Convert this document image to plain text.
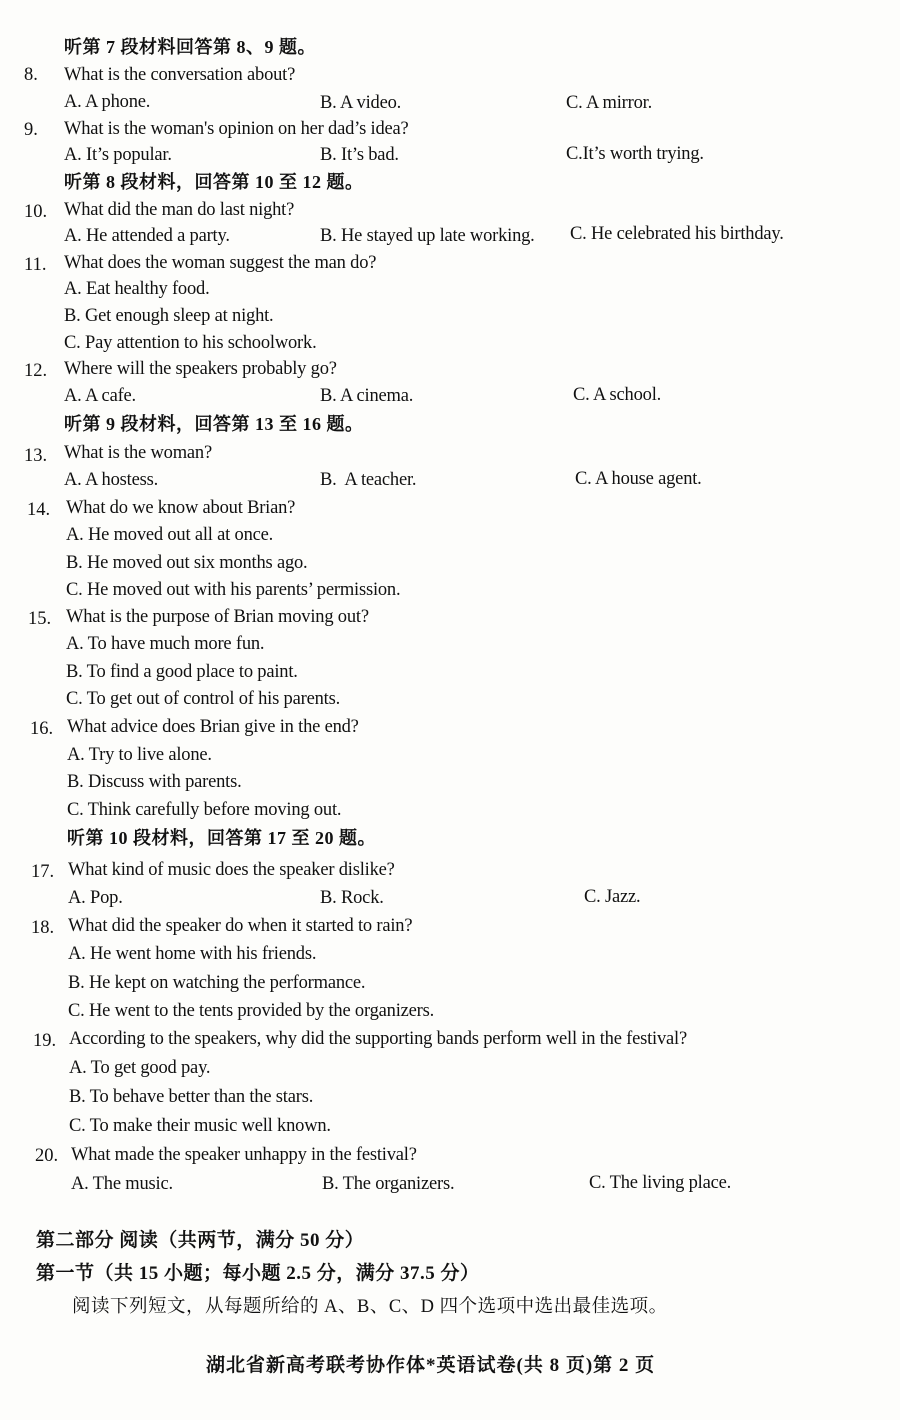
听第 7 段材料回答第 8、9 题。
8. What is the conversation about?
A. A phone.	B. A video.	C. A mirror.
9. What is the woman's opinion on her dad’s idea?
A. It’s popular.	B. It’s bad.	C.It’s worth trying.
听第 8 段材料，回答第 10 至 12 题。
10. What did the man do last night?
A. He attended a party.	B. He stayed up late working. C. He celebrated his birthday.
11. What does the woman suggest the man do?
A. Eat healthy food.
B. Get enough sleep at night.
C. Pay attention to his schoolwork.
12. Where will the speakers probably go?
A. A cafe.	B. A cinema.	C. A school.
听第 9 段材料，回答第 13 至 16 题。
13. What is the woman?
A. A hostess.	B.  A teacher.	C. A house agent.
14. What do we know about Brian?
A. He moved out all at once.
B. He moved out six months ago.
C. He moved out with his parents’ permission.
15. What is the purpose of Brian moving out?
A. To have much more fun.
B. To find a good place to paint.
C. To get out of control of his parents.
16. What advice does Brian give in the end?
A. Try to live alone.
B. Discuss with parents.
C. Think carefully before moving out.
听第 10 段材料，回答第 17 至 20 题。
17. What kind of music does the speaker dislike?
A. Pop.	B. Rock.	C. Jazz.
18. What did the speaker do when it started to rain?
A. He went home with his friends.
B. He kept on watching the performance.
C. He went to the tents provided by the organizers.
19. According to the speakers, why did the supporting bands perform well in the festival?
A. To get good pay.
B. To behave better than the stars.
C. To make their music well known.
20. What made the speaker unhappy in the festival?
A. The music.	B. The organizers.	C. The living place.
第二部分 阅读（共两节，满分 50 分）
第一节（共 15 小题；每小题 2.5 分，满分 37.5 分）
阅读下列短文，从每题所给的 A、B、C、D 四个选项中选出最佳选项。
湖北省新高考联考协作体*英语试卷(共 8 页)第 2 页
